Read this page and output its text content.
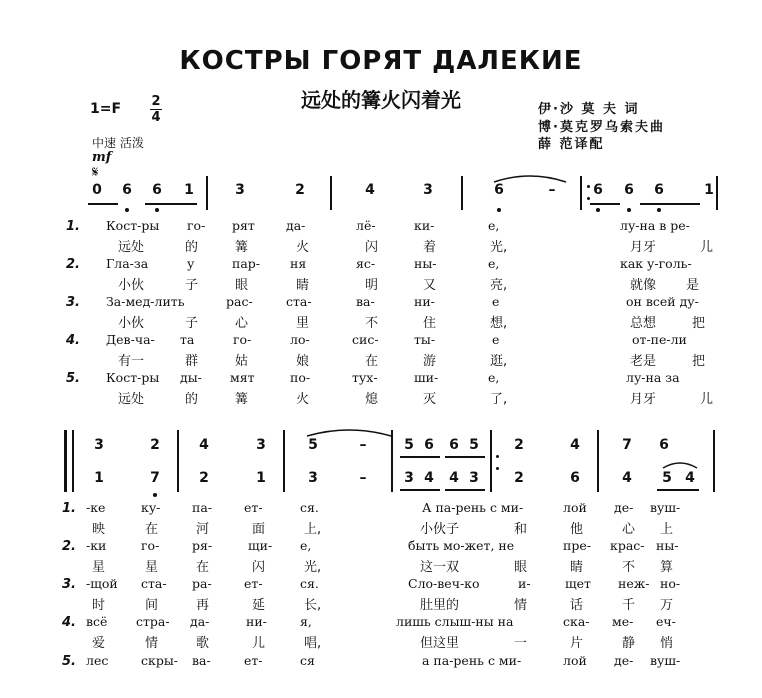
КОСТРЫ ГОРЯТ ДАЛЕКИЕ
远处的篝火闪着光
$1=F \frac{2}{4}$
中速 活泼
mf
𝄋
伊·沙 莫 夫 词
博·莫克罗乌索夫曲
薛 范译配
0 6 6 1	3	2	4	3	6	–	6 6 6	1
1. Кост-ры го- рят да-	лё-	ки-	е,	лу-на в ре-
远处	的	篝	火	闪	着	光,	月牙	儿
2. Гла-за	у	пар- ня	яс-	ны-	е,	как у-голь-
小伙	子	眼	睛	明	又	亮,	就像 是
3. За-мед-лить	рас-	ста-	ва-	ни-	е	он всей ду-
小伙	子	心	里	不	住	想,	总想	把
4. Дев-ча- та	го-	ло-	сис-	ты-	е	от-пе-ли
有一	群	姑	娘	在	游	逛,	老是	把
5. Кост-ры ды- мят	по-	тух-	ши-	е,	лу-на за
远处	的	篝	火	熄	灭	了,	月牙	儿
3	2	4	3	5	–	5 6 6 5	2	4	7 6
1	7	2	1	3	–	3 4 4 3	2	6	4 5 4
1. -ке	ку-	па-	ет-	ся.	А па-рень с ми-	лой де- вуш-
映	在	河	面	上,	小伙子	和	他	心 上
2. -ки	го-	ря-	щи- е,	быть мо-жет, не	пре- крас- ны-
星	星	在	闪	光,	这一双	眼	睛	不 算
3. -щой ста- ра-	ет-	ся.	Сло-веч-ко	и-	щет неж- но-
时	间	再	延	长,	肚里的	情	话	千 万
4. всё стра- да-	ни-	я,	лишь слыш-ны на	ска- ме- еч-
爱	情	歌	儿	唱,	但这里	一	片	静 悄
5. лес	скры- ва-	ет-	ся	а па-рень с ми-	лой де- вуш-
